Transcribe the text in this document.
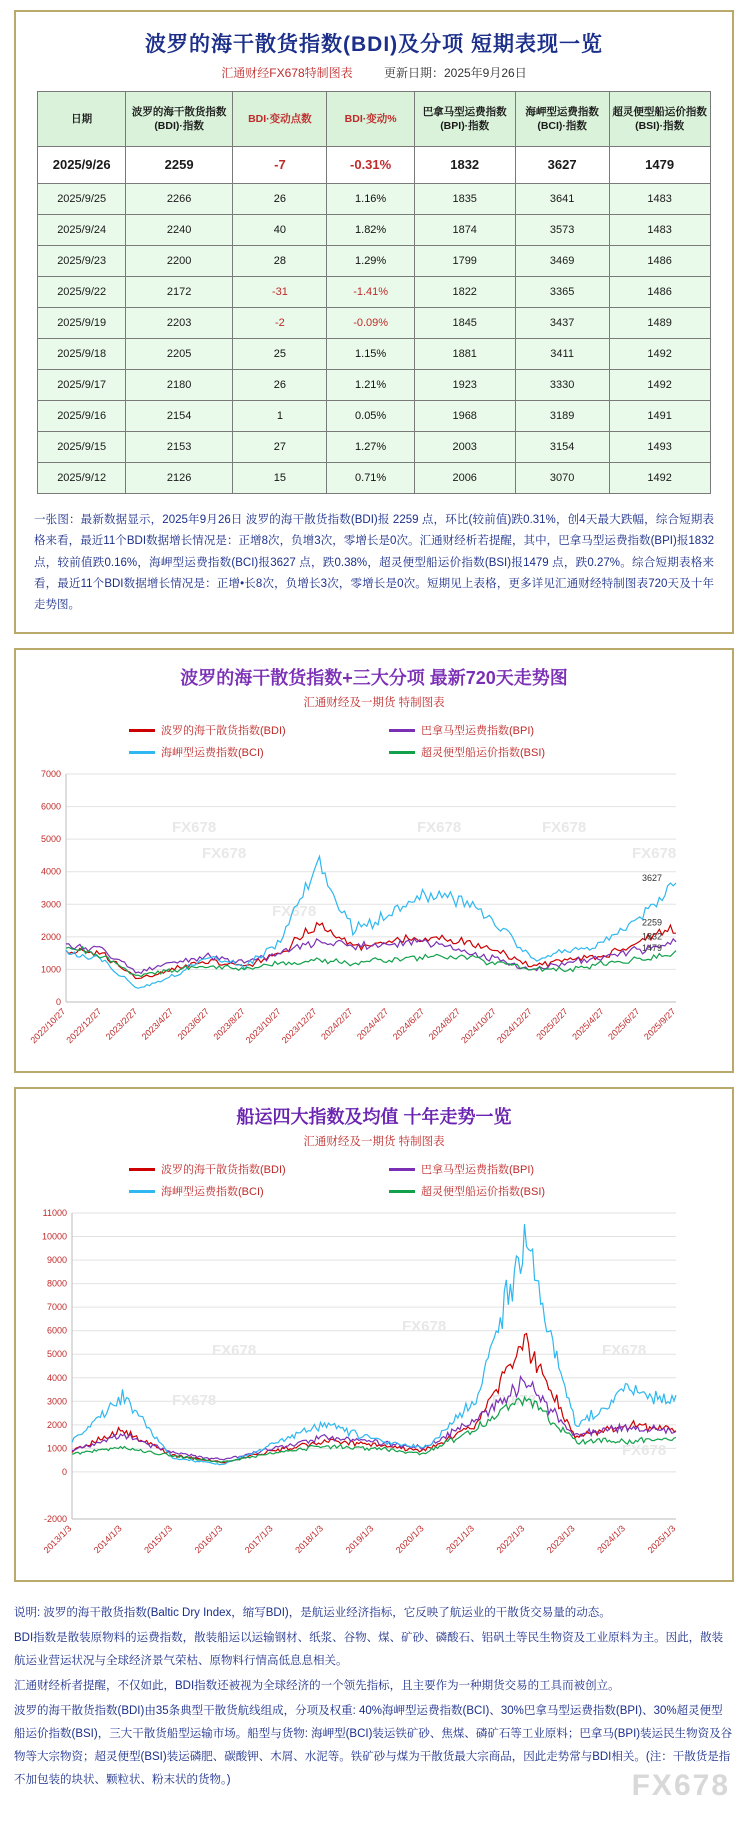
波罗的海干散货指数(BDI)及分项 短期表现一览
汇通财经FX678特制图表	更新日期：2025年9月26日
日期	波罗的海干散货指数(BDI)·指数	BDI·变动点数	BDI·变动%	巴拿马型运费指数(BPI)·指数	海岬型运费指数(BCI)·指数	超灵便型船运价指数(BSI)·指数
2025/9/26	2259	-7	-0.31%	1832	3627	1479
2025/9/25	2266	26	1.16%	1835	3641	1483
2025/9/24	2240	40	1.82%	1874	3573	1483
2025/9/23	2200	28	1.29%	1799	3469	1486
2025/9/22	2172	-31	-1.41%	1822	3365	1486
2025/9/19	2203	-2	-0.09%	1845	3437	1489
2025/9/18	2205	25	1.15%	1881	3411	1492
2025/9/17	2180	26	1.21%	1923	3330	1492
2025/9/16	2154	1	0.05%	1968	3189	1491
2025/9/15	2153	27	1.27%	2003	3154	1493
2025/9/12	2126	15	0.71%	2006	3070	1492
一张图：最新数据显示，2025年9月26日 波罗的海干散货指数(BDI)报 2259 点，环比(较前值)跌0.31%，创4天最大跌幅，综合短期表格来看，最近11个BDI数据增长情况是：正增8次，负增3次，零增长是0次。汇通财经析若提醒，其中，巴拿马型运费指数(BPI)报1832 点，较前值跌0.16%，海岬型运费指数(BCI)报3627 点，跌0.38%，超灵便型船运价指数(BSI)报1479 点，跌0.27%。综合短期表格来看，最近11个BDI数据增长情况是：正增•长8次，负增长3次，零增长是0次。短期见上表格，更多详见汇通财经特制图表720天及十年走势图。
波罗的海干散货指数+三大分项 最新720天走势图
汇通财经及一期货 特制图表
波罗的海干散货指数(BDI)	巴拿马型运费指数(BPI)
海岬型运费指数(BCI)	超灵便型船运价指数(BSI)
0
1000
2000
3000
4000
5000
6000
7000
FX678
FX678
FX678	FX678
FX678
FX678
2022/10/27
2022/12/27 2023/2/27 2023/4/27 2023/6/27 2023/8/27
2023/10/27
2023/12/27 2024/2/27 2024/4/27 2024/6/27 2024/8/27
2024/10/27
2024/12/27 2025/2/27 2025/4/27 2025/6/27 2025/9/27
2259
1832
3627
1479
船运四大指数及均值 十年走势一览
汇通财经及一期货 特制图表
波罗的海干散货指数(BDI)	巴拿马型运费指数(BPI)
海岬型运费指数(BCI)	超灵便型船运价指数(BSI)
-2000
0
1000
2000
3000
4000
5000
6000
7000
8000
9000
10000
11000
FX678
FX678
FX678
FX678	FX678
FX678
2013/1/3 2014/1/3 2015/1/3 2016/1/3 2017/1/3 2018/1/3 2019/1/3 2020/1/3 2021/1/3 2022/1/3 2023/1/3 2024/1/3 2025/1/3

说明: 波罗的海干散货指数(Baltic Dry Index，缩写BDI)，是航运业经济指标，它反映了航运业的干散货交易量的动态。

BDI指数是散装原物料的运费指数，散装船运以运输钢材、纸浆、谷物、煤、矿砂、磷酸石、铝矾土等民生物资及工业原料为主。因此，散装航运业营运状况与全球经济景气荣枯、原物料行情高低息息相关。

汇通财经析者提醒，不仅如此，BDI指数还被视为全球经济的一个领先指标，且主要作为一种期货交易的工具而被创立。

波罗的海干散货指数(BDI)由35条典型干散货航线组成，分项及权重: 40%海岬型运费指数(BCI)、30%巴拿马型运费指数(BPI)、30%超灵便型船运价指数(BSI)，三大干散货船型运输市场。船型与货物: 海岬型(BCI)装运铁矿砂、焦煤、磷矿石等工业原料；巴拿马(BPI)装运民生物资及谷物等大宗物资；超灵便型(BSI)装运磷肥、碳酸钾、木屑、水泥等。铁矿砂与煤为干散货最大宗商品，因此走势常与BDI相关。(注：干散货是指不加包装的块状、颗粒状、粉末状的货物。)	FX678
